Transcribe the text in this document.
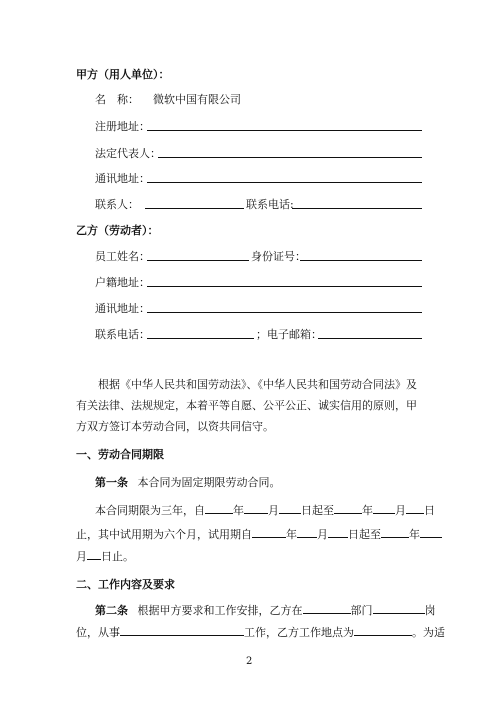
甲方（用人单位）：
名　称： 微软中国有限公司
注册地址：
法定代表人：
通讯地址：
联系人：	联系电话:
乙方（劳动者）：
员工姓名：	身份证号：
户籍地址：
通讯地址：
联系电话：	；电子邮箱：
根据《中华人民共和国劳动法》、《中华人民共和国劳动合同法》及有关法律、法规规定，本着平等自愿、公平公正、诚实信用的原则，甲方双方签订本劳动合同，以资共同信守。
一、劳动合同期限
第一条 本合同为固定期限劳动合同。
本合同期限为三年，自	年 月 日起至	年 月 日
止，其中试用期为六个月，试用期自	年 月 日起至	年
月 日止。
二、工作内容及要求
第二条 根据甲方要求和工作安排，乙方在	部门	岗
位，从事	工作，乙方工作地点为	。为适
2
